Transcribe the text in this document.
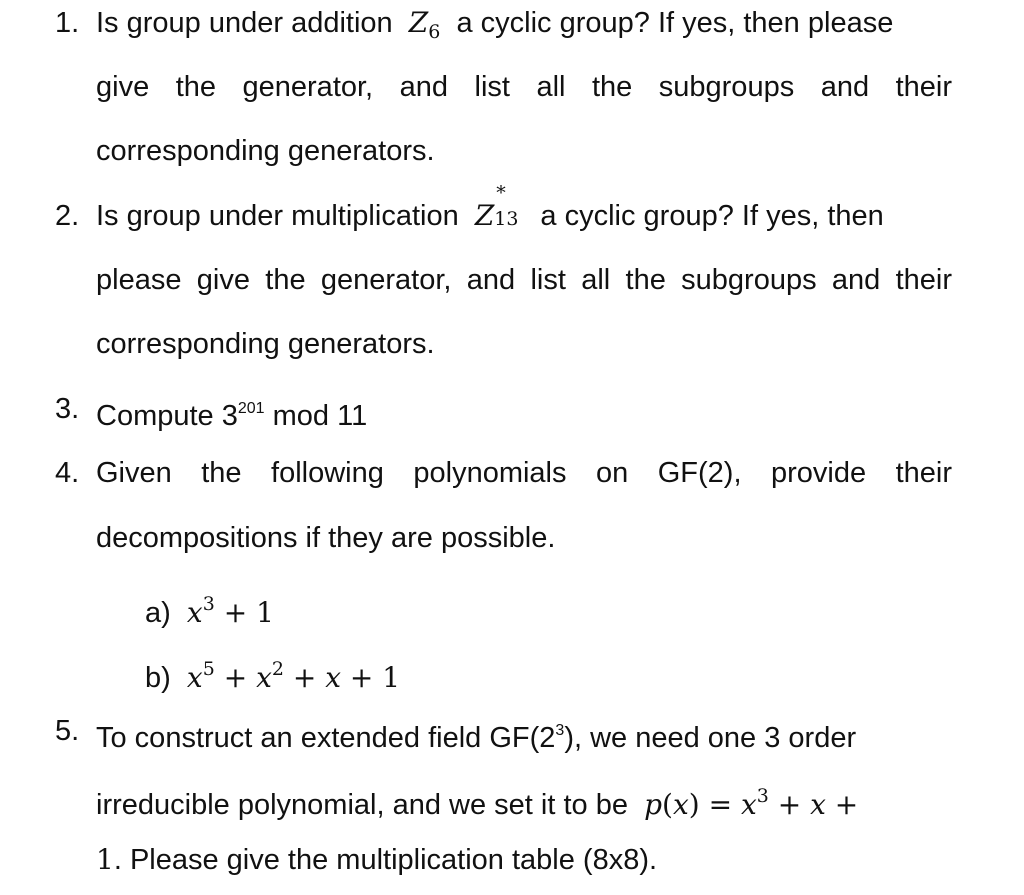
1. Is group under addition $Z_6$ a cyclic group? If yes, then please
give the generator, and list all the subgroups and their
corresponding generators.
2. Is group under multiplication Z
*
13 a cyclic group? If yes, then
please give the generator, and list all the subgroups and their
corresponding generators.
3. Compute $3^{201}$ mod 11
4. Given the following polynomials on GF(2), provide their
decompositions if they are possible.
a) $x^3 + 1$
b) $x^5 + x^2 + x + 1$
5. To construct an extended field $GF(2^3)$, we need one 3 order
irreducible polynomial, and we set it to be $p(x) = x^3 + x$ +
1. Please give the multiplication table (8x8).
